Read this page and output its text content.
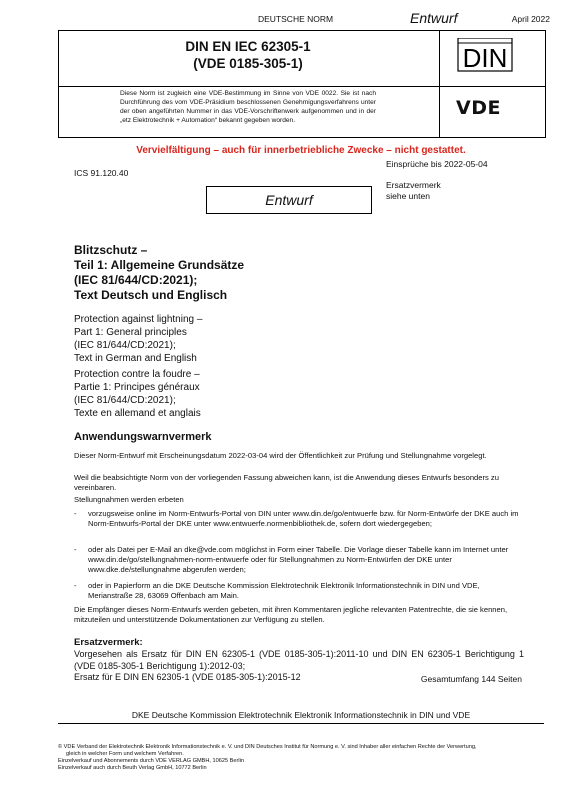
DEUTSCHE NORM	Entwurf	April 2022
DIN EN IEC 62305-1
(VDE 0185-305-1)
Diese Norm ist zugleich eine VDE-Bestimmung im Sinne von VDE 0022. Sie ist nach Durchführung des vom VDE-Präsidium beschlossenen Genehmigungsverfahrens unter der oben angeführten Nummer in das VDE-Vorschriftenwerk aufgenommen und in der „etz Elektrotechnik + Automation“ bekannt gegeben worden.
DIN
VDE
Vervielfältigung – auch für innerbetriebliche Zwecke – nicht gestattet.
Einsprüche bis 2022-05-04
ICS 91.120.40
Ersatzvermerk
siehe unten
Entwurf
Blitzschutz –
Teil 1: Allgemeine Grundsätze
(IEC 81/644/CD:2021);
Text Deutsch und Englisch
Protection against lightning –
Part 1: General principles
(IEC 81/644/CD:2021);
Text in German and English
Protection contre la foudre –
Partie 1: Principes généraux
(IEC 81/644/CD:2021);
Texte en allemand et anglais
Anwendungswarnvermerk
Dieser Norm-Entwurf mit Erscheinungsdatum 2022-03-04 wird der Öffentlichkeit zur Prüfung und Stellungnahme vorgelegt.
Weil die beabsichtigte Norm von der vorliegenden Fassung abweichen kann, ist die Anwendung dieses Entwurfs besonders zu vereinbaren.
Stellungnahmen werden erbeten
- vorzugsweise online im Norm-Entwurfs-Portal von DIN unter www.din.de/go/entwuerfe bzw. für Norm-Entwürfe der DKE auch im Norm-Entwurfs-Portal der DKE unter www.entwuerfe.normenbibliothek.de, sofern dort wiedergegeben;
- oder als Datei per E-Mail an dke@vde.com möglichst in Form einer Tabelle. Die Vorlage dieser Tabelle kann im Internet unter www.din.de/go/stellungnahmen-norm-entwuerfe oder für Stellungnahmen zu Norm-Entwürfen der DKE unter www.dke.de/stellungnahme abgerufen werden;
- oder in Papierform an die DKE Deutsche Kommission Elektrotechnik Elektronik Informationstechnik in DIN und VDE, Merianstraße 28, 63069 Offenbach am Main.
Die Empfänger dieses Norm-Entwurfs werden gebeten, mit ihren Kommentaren jegliche relevanten Patentrechte, die sie kennen, mitzuteilen und unterstützende Dokumentationen zur Verfügung zu stellen.
Ersatzvermerk:
Vorgesehen als Ersatz für DIN EN 62305-1 (VDE 0185-305-1):2011-10 und DIN EN 62305-1 Berichtigung 1 (VDE 0185-305-1 Berichtigung 1):2012-03;
Ersatz für E DIN EN 62305-1 (VDE 0185-305-1):2015-12	Gesamtumfang 144 Seiten
DKE Deutsche Kommission Elektrotechnik Elektronik Informationstechnik in DIN und VDE
© VDE Verband der Elektrotechnik Elektronik Informationstechnik e. V. und DIN Deutsches Institut für Normung e. V. sind Inhaber aller einfachen Rechte der Verwertung,
gleich in welcher Form und welchem Verfahren.
Einzelverkauf und Abonnements durch VDE VERLAG GMBH, 10625 Berlin
Einzelverkauf auch durch Beuth Verlag GmbH, 10772 Berlin
